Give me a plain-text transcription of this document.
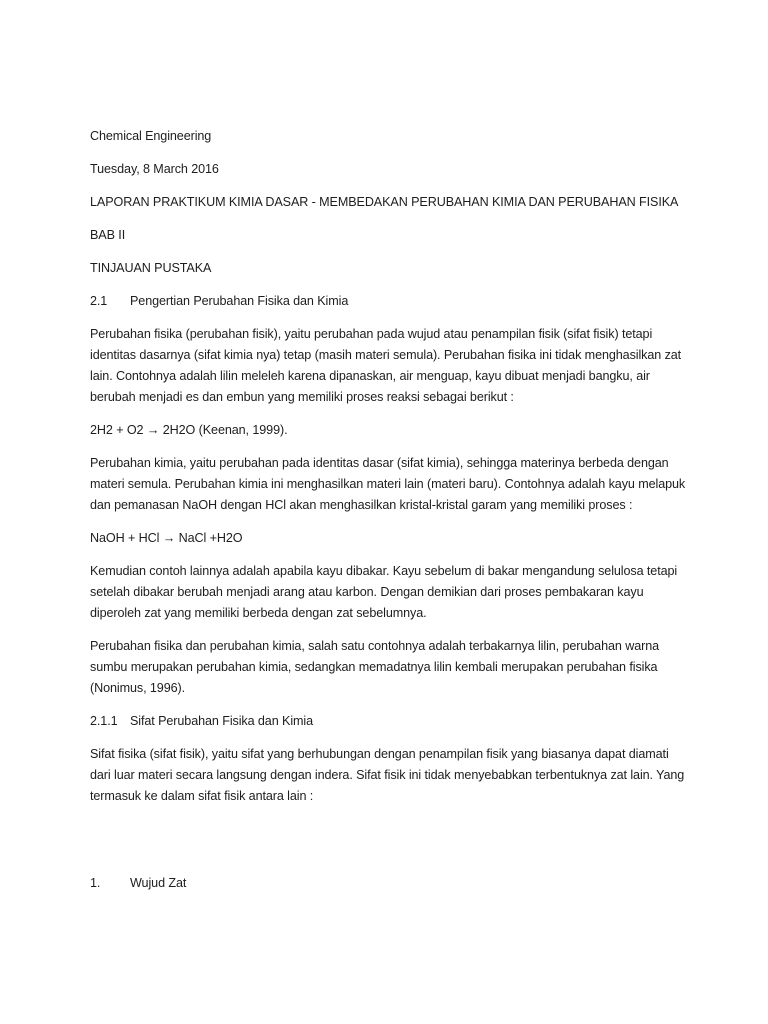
Chemical Engineering
Tuesday, 8 March 2016
LAPORAN PRAKTIKUM KIMIA DASAR - MEMBEDAKAN PERUBAHAN KIMIA DAN PERUBAHAN FISIKA
BAB II
TINJAUAN PUSTAKA
2.1 Pengertian Perubahan Fisika dan Kimia
Perubahan fisika (perubahan fisik), yaitu perubahan pada wujud atau penampilan fisik (sifat fisik) tetapi identitas dasarnya (sifat kimia nya) tetap (masih materi semula). Perubahan fisika ini tidak menghasilkan zat lain. Contohnya adalah lilin meleleh karena dipanaskan, air menguap, kayu dibuat menjadi bangku, air berubah menjadi es dan embun yang memiliki proses reaksi sebagai berikut :
2H2 + O2 → 2H2O (Keenan, 1999).
Perubahan kimia, yaitu perubahan pada identitas dasar (sifat kimia), sehingga materinya berbeda dengan materi semula. Perubahan kimia ini menghasilkan materi lain (materi baru). Contohnya adalah kayu melapuk dan pemanasan NaOH dengan HCl akan menghasilkan kristal-kristal garam yang memiliki proses :
NaOH + HCl → NaCl +H2O
Kemudian contoh lainnya adalah apabila kayu dibakar. Kayu sebelum di bakar mengandung selulosa tetapi setelah dibakar berubah menjadi arang atau karbon. Dengan demikian dari proses pembakaran kayu diperoleh zat yang memiliki berbeda dengan zat sebelumnya.
Perubahan fisika dan perubahan kimia, salah satu contohnya adalah terbakarnya lilin, perubahan warna sumbu merupakan perubahan kimia, sedangkan memadatnya lilin kembali merupakan perubahan fisika (Nonimus, 1996).
2.1.1 Sifat Perubahan Fisika dan Kimia
Sifat fisika (sifat fisik), yaitu sifat yang berhubungan dengan penampilan fisik yang biasanya dapat diamati dari luar materi secara langsung dengan indera. Sifat fisik ini tidak menyebabkan terbentuknya zat lain. Yang termasuk ke dalam sifat fisik antara lain :
1. Wujud Zat
